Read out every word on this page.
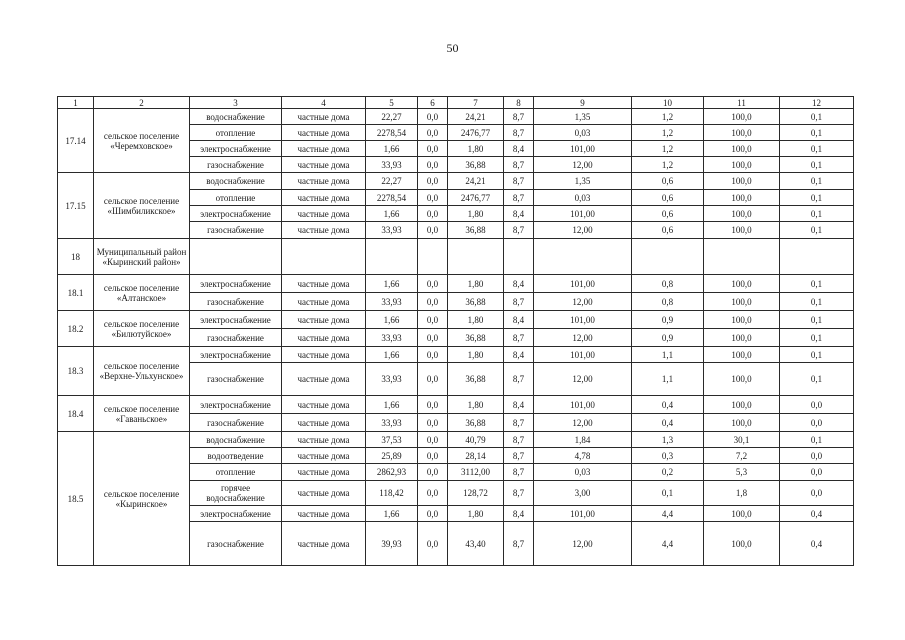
50
1	2	3	4	5	6	7	8	9	10	11	12
17.14	сельское поселение «Черемховское»	водоснабжение	частные дома	22,27	0,0	24,21	8,7	1,35	1,2	100,0	0,1
		отопление	частные дома	2278,54	0,0	2476,77	8,7	0,03	1,2	100,0	0,1
		электроснабжение	частные дома	1,66	0,0	1,80	8,4	101,00	1,2	100,0	0,1
		газоснабжение	частные дома	33,93	0,0	36,88	8,7	12,00	1,2	100,0	0,1
17.15	сельское поселение «Шимбиликское»	водоснабжение	частные дома	22,27	0,0	24,21	8,7	1,35	0,6	100,0	0,1
		отопление	частные дома	2278,54	0,0	2476,77	8,7	0,03	0,6	100,0	0,1
		электроснабжение	частные дома	1,66	0,0	1,80	8,4	101,00	0,6	100,0	0,1
		газоснабжение	частные дома	33,93	0,0	36,88	8,7	12,00	0,6	100,0	0,1
18	Муниципальный район «Кыринский район»										
18.1	сельское поселение «Алтанское»	электроснабжение	частные дома	1,66	0,0	1,80	8,4	101,00	0,8	100,0	0,1
		газоснабжение	частные дома	33,93	0,0	36,88	8,7	12,00	0,8	100,0	0,1
18.2	сельское поселение «Билютуйское»	электроснабжение	частные дома	1,66	0,0	1,80	8,4	101,00	0,9	100,0	0,1
		газоснабжение	частные дома	33,93	0,0	36,88	8,7	12,00	0,9	100,0	0,1
18.3	сельское поселение «Верхне-Ульхунское»	электроснабжение	частные дома	1,66	0,0	1,80	8,4	101,00	1,1	100,0	0,1
		газоснабжение	частные дома	33,93	0,0	36,88	8,7	12,00	1,1	100,0	0,1
18.4	сельское поселение «Гаваньское»	электроснабжение	частные дома	1,66	0,0	1,80	8,4	101,00	0,4	100,0	0,0
		газоснабжение	частные дома	33,93	0,0	36,88	8,7	12,00	0,4	100,0	0,0
18.5	сельское поселение «Кыринское»	водоснабжение	частные дома	37,53	0,0	40,79	8,7	1,84	1,3	30,1	0,1
		водоотведение	частные дома	25,89	0,0	28,14	8,7	4,78	0,3	7,2	0,0
		отопление	частные дома	2862,93	0,0	3112,00	8,7	0,03	0,2	5,3	0,0
		горячее водоснабжение	частные дома	118,42	0,0	128,72	8,7	3,00	0,1	1,8	0,0
		электроснабжение	частные дома	1,66	0,0	1,80	8,4	101,00	4,4	100,0	0,4
		газоснабжение	частные дома	39,93	0,0	43,40	8,7	12,00	4,4	100,0	0,4
